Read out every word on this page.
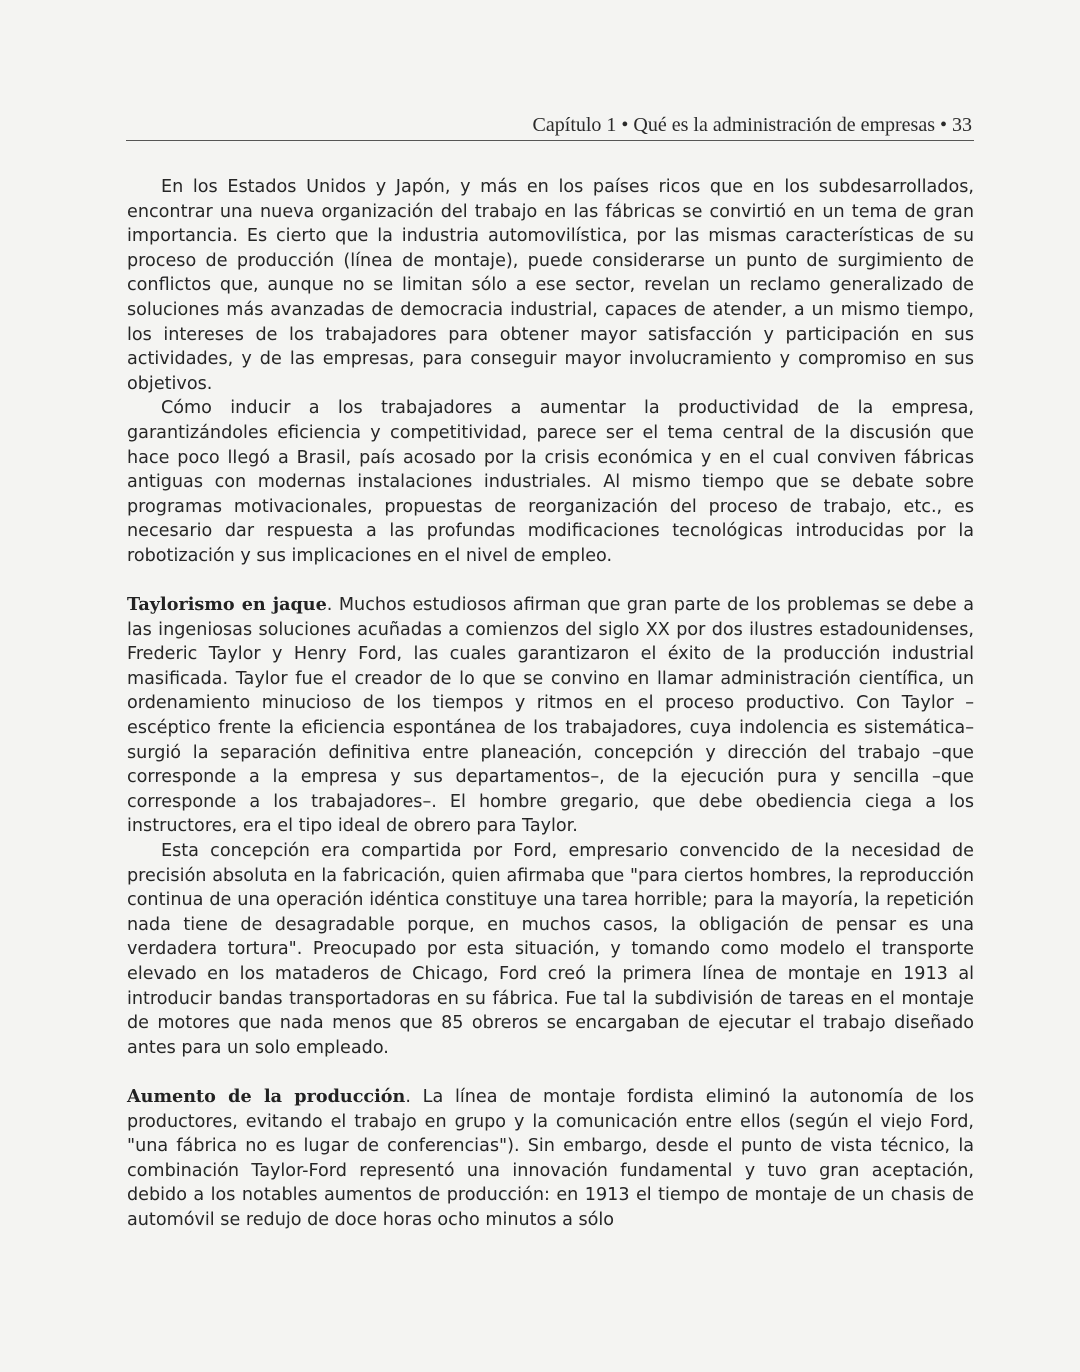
Capítulo 1 • Qué es la administración de empresas • 33

En los Estados Unidos y Japón, y más en los países ricos que en los subdesarrollados, encontrar una nueva organización del trabajo en las fábricas se convirtió en un tema de gran importancia. Es cierto que la industria automovilística, por las mismas características de su proceso de producción (línea de montaje), puede considerarse un punto de surgimiento de conflictos que, aunque no se limitan sólo a ese sector, revelan un reclamo generalizado de soluciones más avanzadas de democracia industrial, capaces de atender, a un mismo tiempo, los intereses de los trabajadores para obtener mayor satisfacción y participación en sus actividades, y de las empresas, para conseguir mayor involucramiento y compromiso en sus objetivos.

Cómo inducir a los trabajadores a aumentar la productividad de la empresa, garantizándoles eficiencia y competitividad, parece ser el tema central de la discusión que hace poco llegó a Brasil, país acosado por la crisis económica y en el cual conviven fábricas antiguas con modernas instalaciones industriales. Al mismo tiempo que se debate sobre programas motivacionales, propuestas de reorganización del proceso de trabajo, etc., es necesario dar respuesta a las profundas modificaciones tecnológicas introducidas por la robotización y sus implicaciones en el nivel de empleo.

Taylorismo en jaque. Muchos estudiosos afirman que gran parte de los problemas se debe a las ingeniosas soluciones acuñadas a comienzos del siglo XX por dos ilustres estadounidenses, Frederic Taylor y Henry Ford, las cuales garantizaron el éxito de la producción industrial masificada. Taylor fue el creador de lo que se convino en llamar administración científica, un ordenamiento minucioso de los tiempos y ritmos en el proceso productivo. Con Taylor –escéptico frente la eficiencia espontánea de los trabajadores, cuya indolencia es sistemática– surgió la separación definitiva entre planeación, concepción y dirección del trabajo –que corresponde a la empresa y sus departamentos–, de la ejecución pura y sencilla –que corresponde a los trabajadores–. El hombre gregario, que debe obediencia ciega a los instructores, era el tipo ideal de obrero para Taylor.

Esta concepción era compartida por Ford, empresario convencido de la necesidad de precisión absoluta en la fabricación, quien afirmaba que "para ciertos hombres, la reproducción continua de una operación idéntica constituye una tarea horrible; para la mayoría, la repetición nada tiene de desagradable porque, en muchos casos, la obligación de pensar es una verdadera tortura". Preocupado por esta situación, y tomando como modelo el transporte elevado en los mataderos de Chicago, Ford creó la primera línea de montaje en 1913 al introducir bandas transportadoras en su fábrica. Fue tal la subdivisión de tareas en el montaje de motores que nada menos que 85 obreros se encargaban de ejecutar el trabajo diseñado antes para un solo empleado.

Aumento de la producción. La línea de montaje fordista eliminó la autonomía de los productores, evitando el trabajo en grupo y la comunicación entre ellos (según el viejo Ford, "una fábrica no es lugar de conferencias"). Sin embargo, desde el punto de vista técnico, la combinación Taylor-Ford representó una innovación fundamental y tuvo gran aceptación, debido a los notables aumentos de producción: en 1913 el tiempo de montaje de un chasis de automóvil se redujo de doce horas ocho minutos a sólo
